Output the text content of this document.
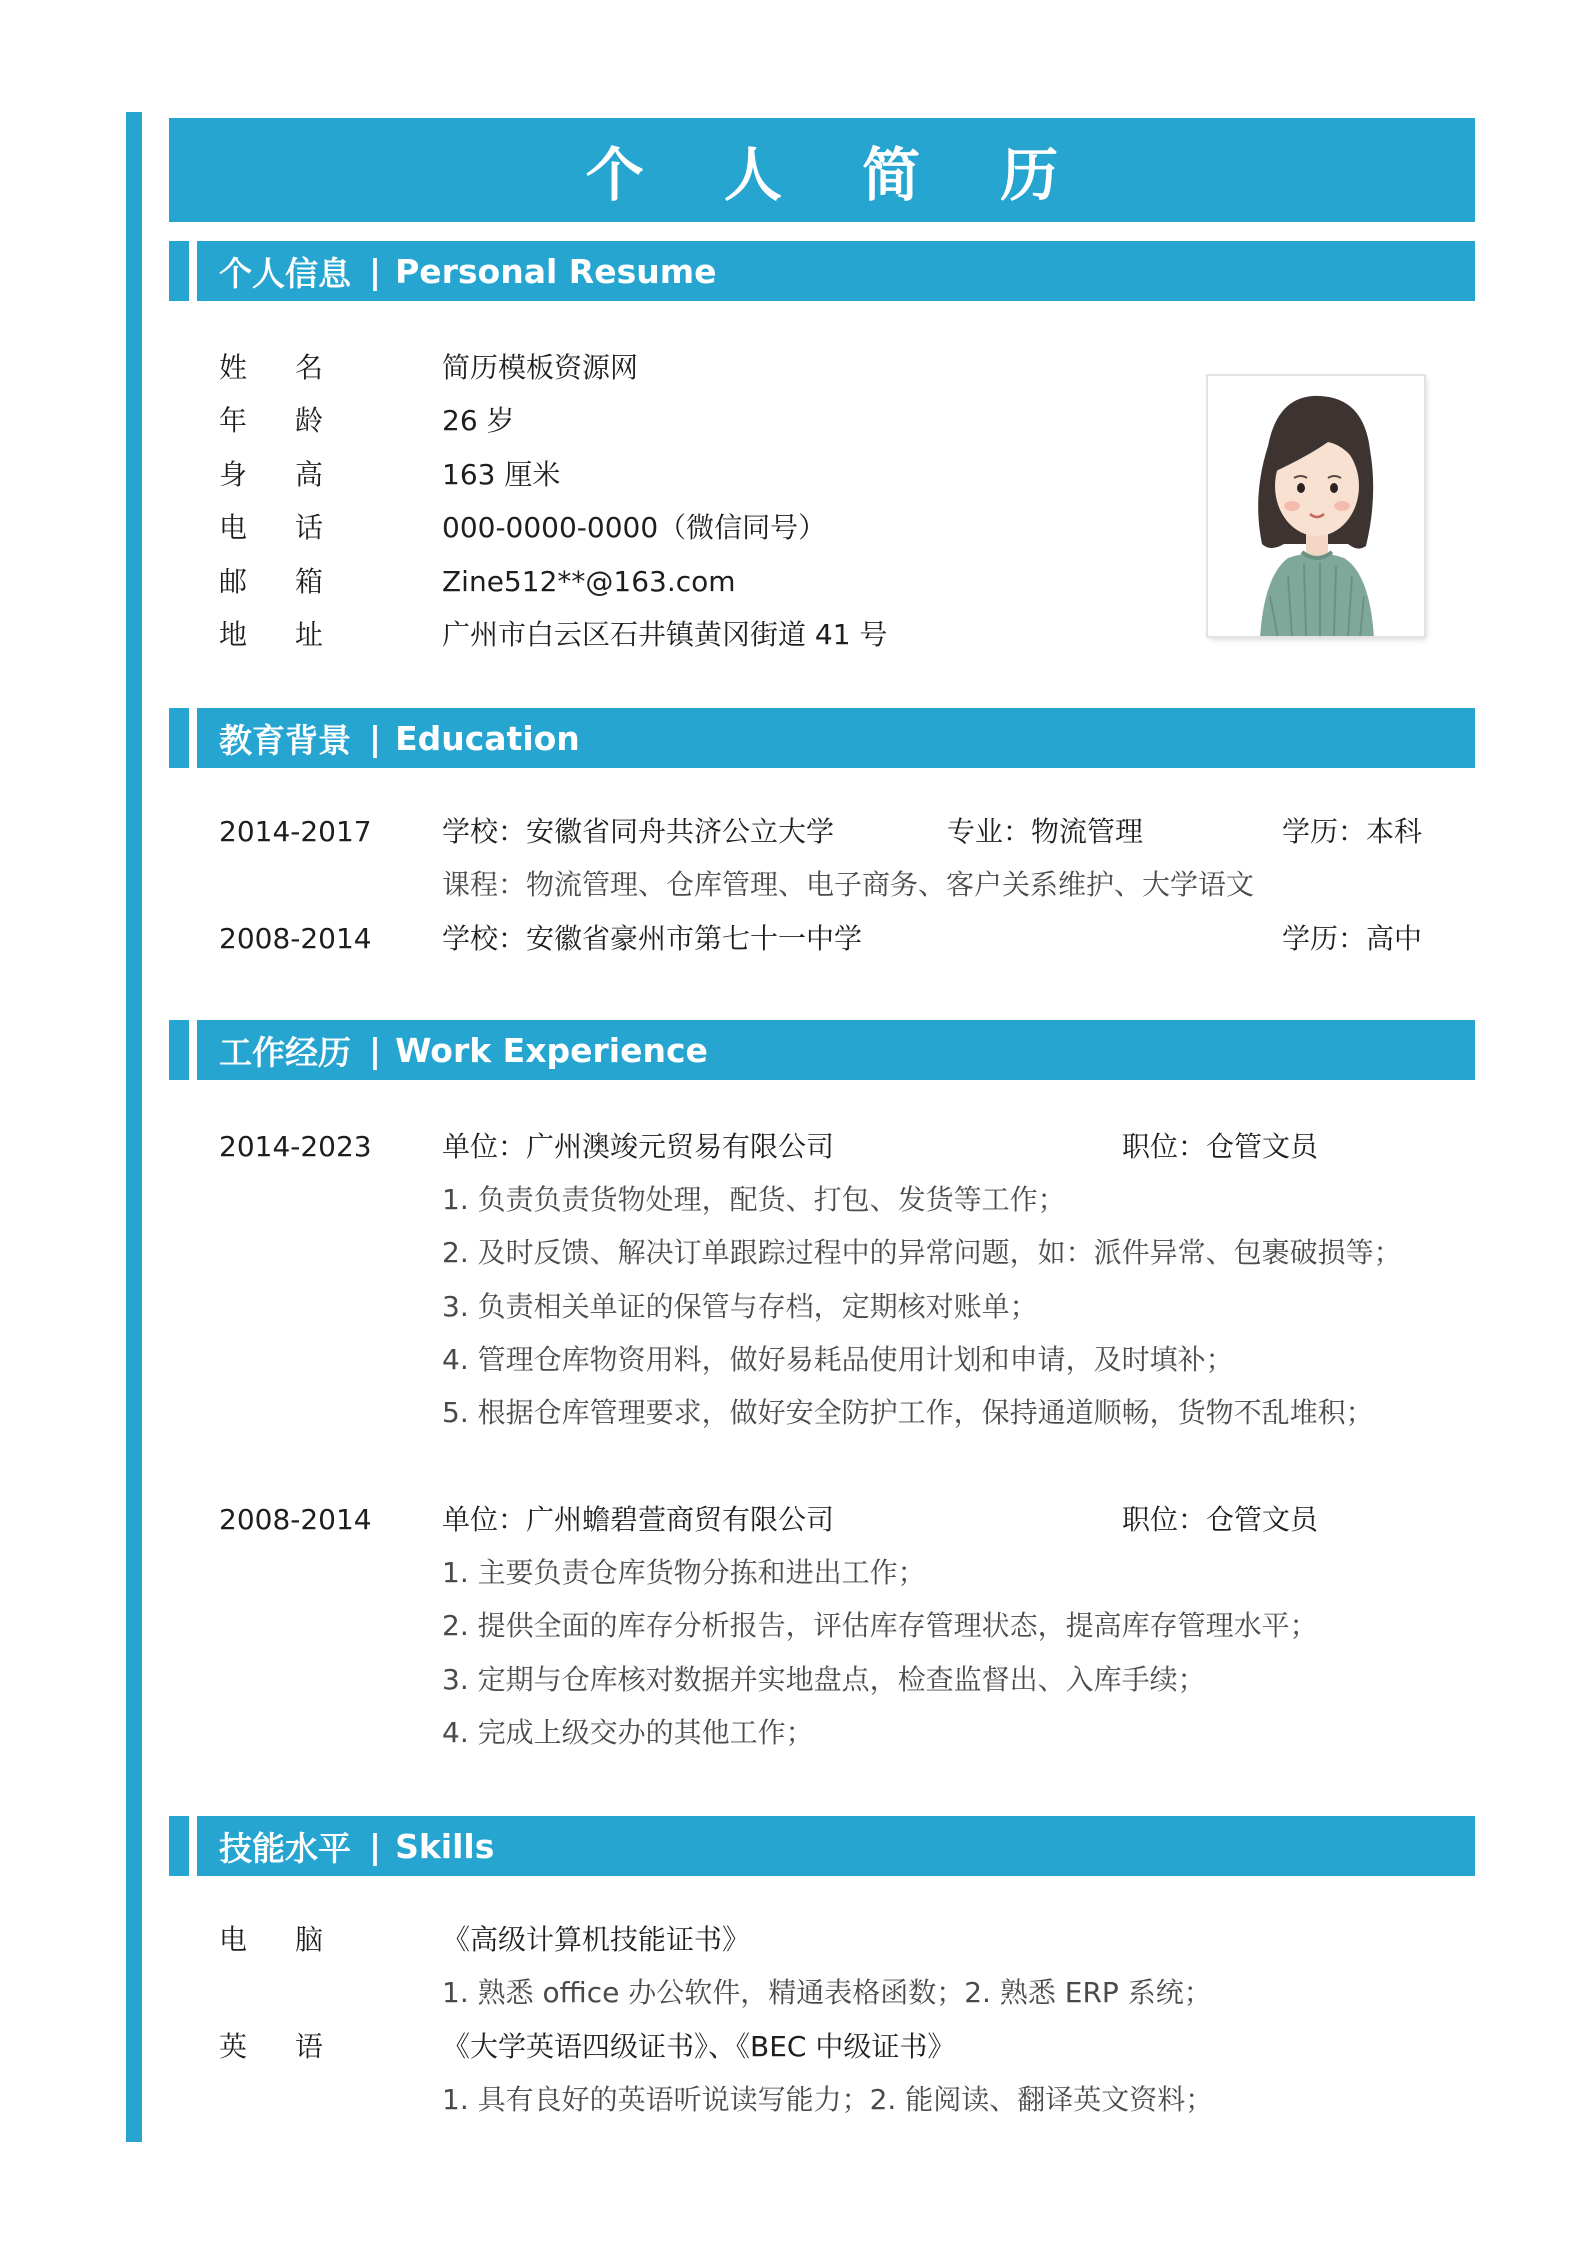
个 人 简 历
个人信息 | Personal Resume
姓名	简历模板资源网
年龄	26 岁
身高	163 厘米
电话	000-0000-0000（微信同号）
邮箱	Zine512**@163.com
地址	广州市白云区石井镇黄冈街道 41 号
教育背景 | Education
2014-2017	学校：安徽省同舟共济公立大学	专业：物流管理	学历：本科
课程：物流管理、仓库管理、电子商务、客户关系维护、大学语文
2008-2014	学校：安徽省豪州市第七十一中学	学历：高中
工作经历 | Work Experience
2014-2023	单位：广州澳竣元贸易有限公司	职位：仓管文员
1. 负责负责货物处理，配货、打包、发货等工作；
2. 及时反馈、解决订单跟踪过程中的异常问题，如：派件异常、包裹破损等；
3. 负责相关单证的保管与存档，定期核对账单；
4. 管理仓库物资用料，做好易耗品使用计划和申请，及时填补；
5. 根据仓库管理要求，做好安全防护工作，保持通道顺畅，货物不乱堆积；
2008-2014	单位：广州蟾碧萱商贸有限公司	职位：仓管文员
1. 主要负责仓库货物分拣和进出工作；
2. 提供全面的库存分析报告，评估库存管理状态，提高库存管理水平；
3. 定期与仓库核对数据并实地盘点，检查监督出、入库手续；
4. 完成上级交办的其他工作；
技能水平 | Skills
电脑	《高级计算机技能证书》
1. 熟悉 office 办公软件，精通表格函数；2. 熟悉 ERP 系统；
英语	《大学英语四级证书》、《BEC 中级证书》
1. 具有良好的英语听说读写能力；2. 能阅读、翻译英文资料；
